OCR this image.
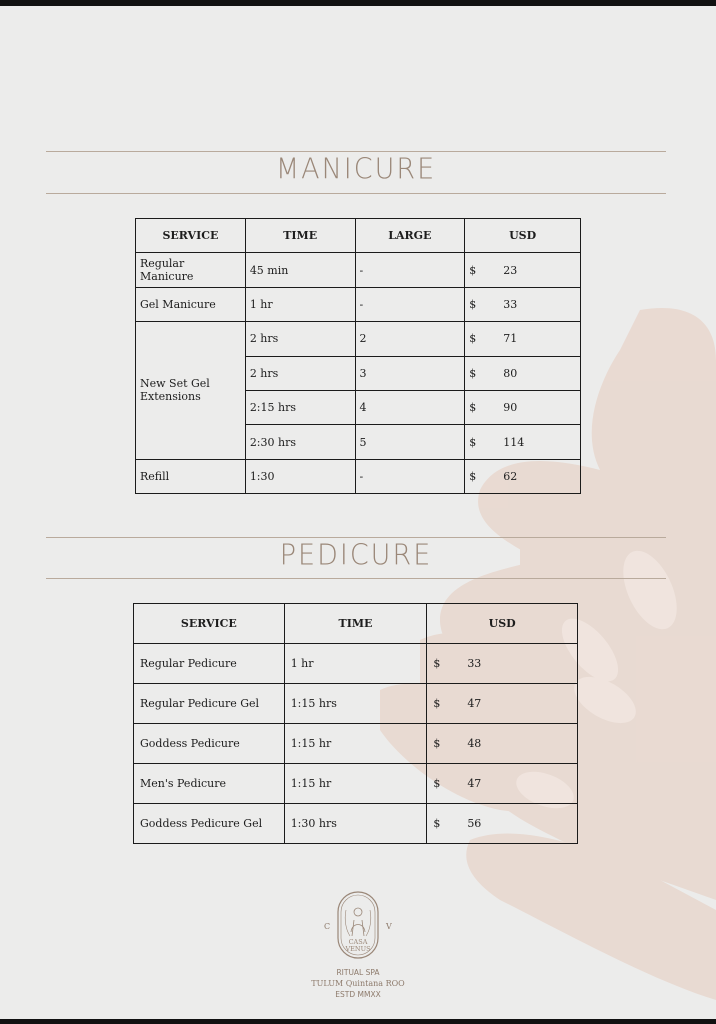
MANICURE
SERVICE	TIME	LARGE	USD
Regular Manicure	45 min	-	$ 23

Gel Manicure	1 hr	-	$ 33

New Set Gel Extensions	2 hrs	2	$ 71

	2 hrs	3	$ 80

	2:15 hrs	4	$ 90

	2:30 hrs	5	$ 114

Refill	1:30	-	$ 62
PEDICURE
SERVICE	TIME	USD
Regular Pedicure	1 hr	$ 33

Regular Pedicure Gel	1:15 hrs	$ 47

Goddess Pedicure	1:15 hr	$ 48

Men's Pedicure	1:15 hr	$ 47

Goddess Pedicure Gel	1:30 hrs	$ 56
CASA
VENUS
C	V
RITUAL SPA
TULUM Quintana ROO
ESTD MMXX
